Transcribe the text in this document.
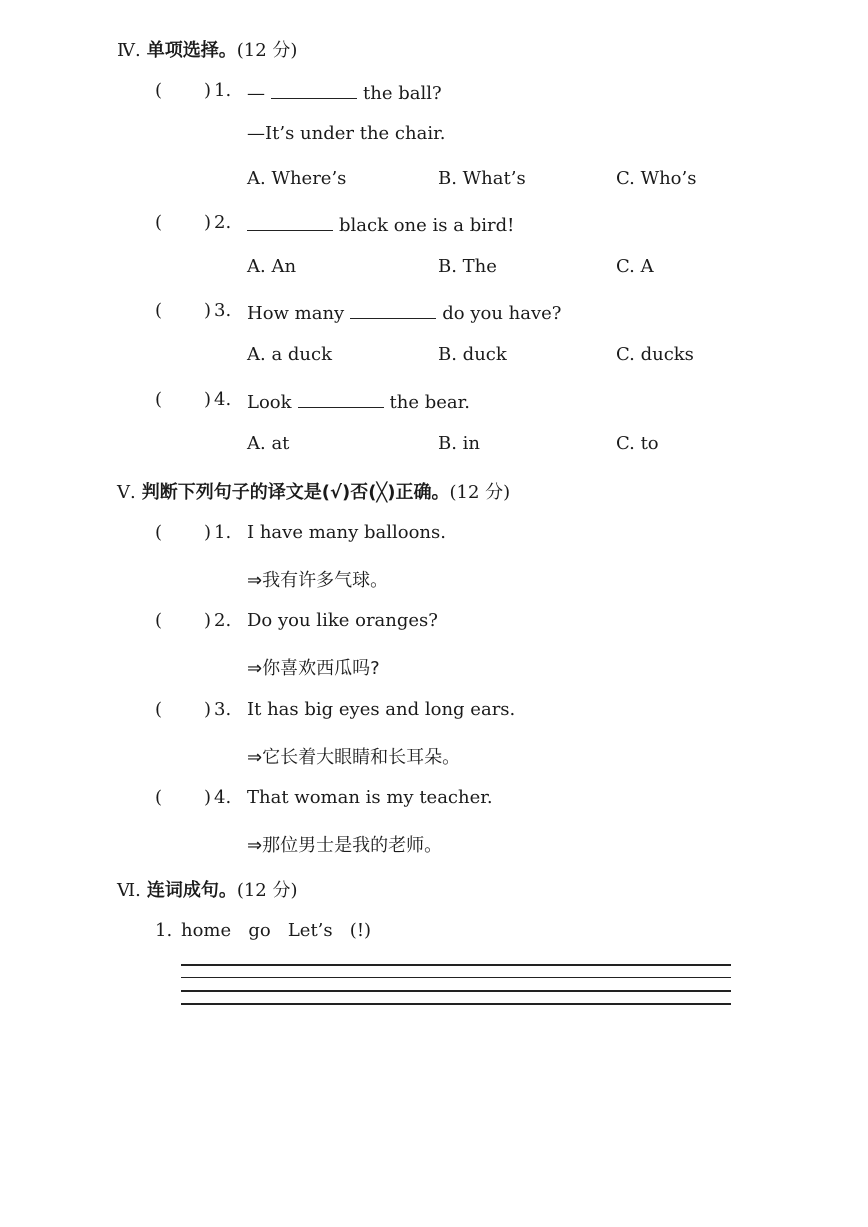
Ⅳ. 单项选择。(12 分)
( ) 1. —	the ball?
—It’s under the chair.
A. Where’s	B. What’s	C. Who’s
( ) 2.	black one is a bird!
A. An	B. The	C. A
( ) 3. How many	do you have?
A. a duck	B. duck	C. ducks
( ) 4. Look	the bear.
A. at	B. in	C. to
Ⅴ. 判断下列句子的译文是(√)否(╳)正确。(12 分)
( ) 1. I have many balloons.
⇒我有许多气球。
( ) 2. Do you like oranges?
⇒你喜欢西瓜吗?
( ) 3. It has big eyes and long ears.
⇒它长着大眼睛和长耳朵。
( ) 4. That woman is my teacher.
⇒那位男士是我的老师。
Ⅵ. 连词成句。(12 分)
1. home   go   Let’s   (!)
